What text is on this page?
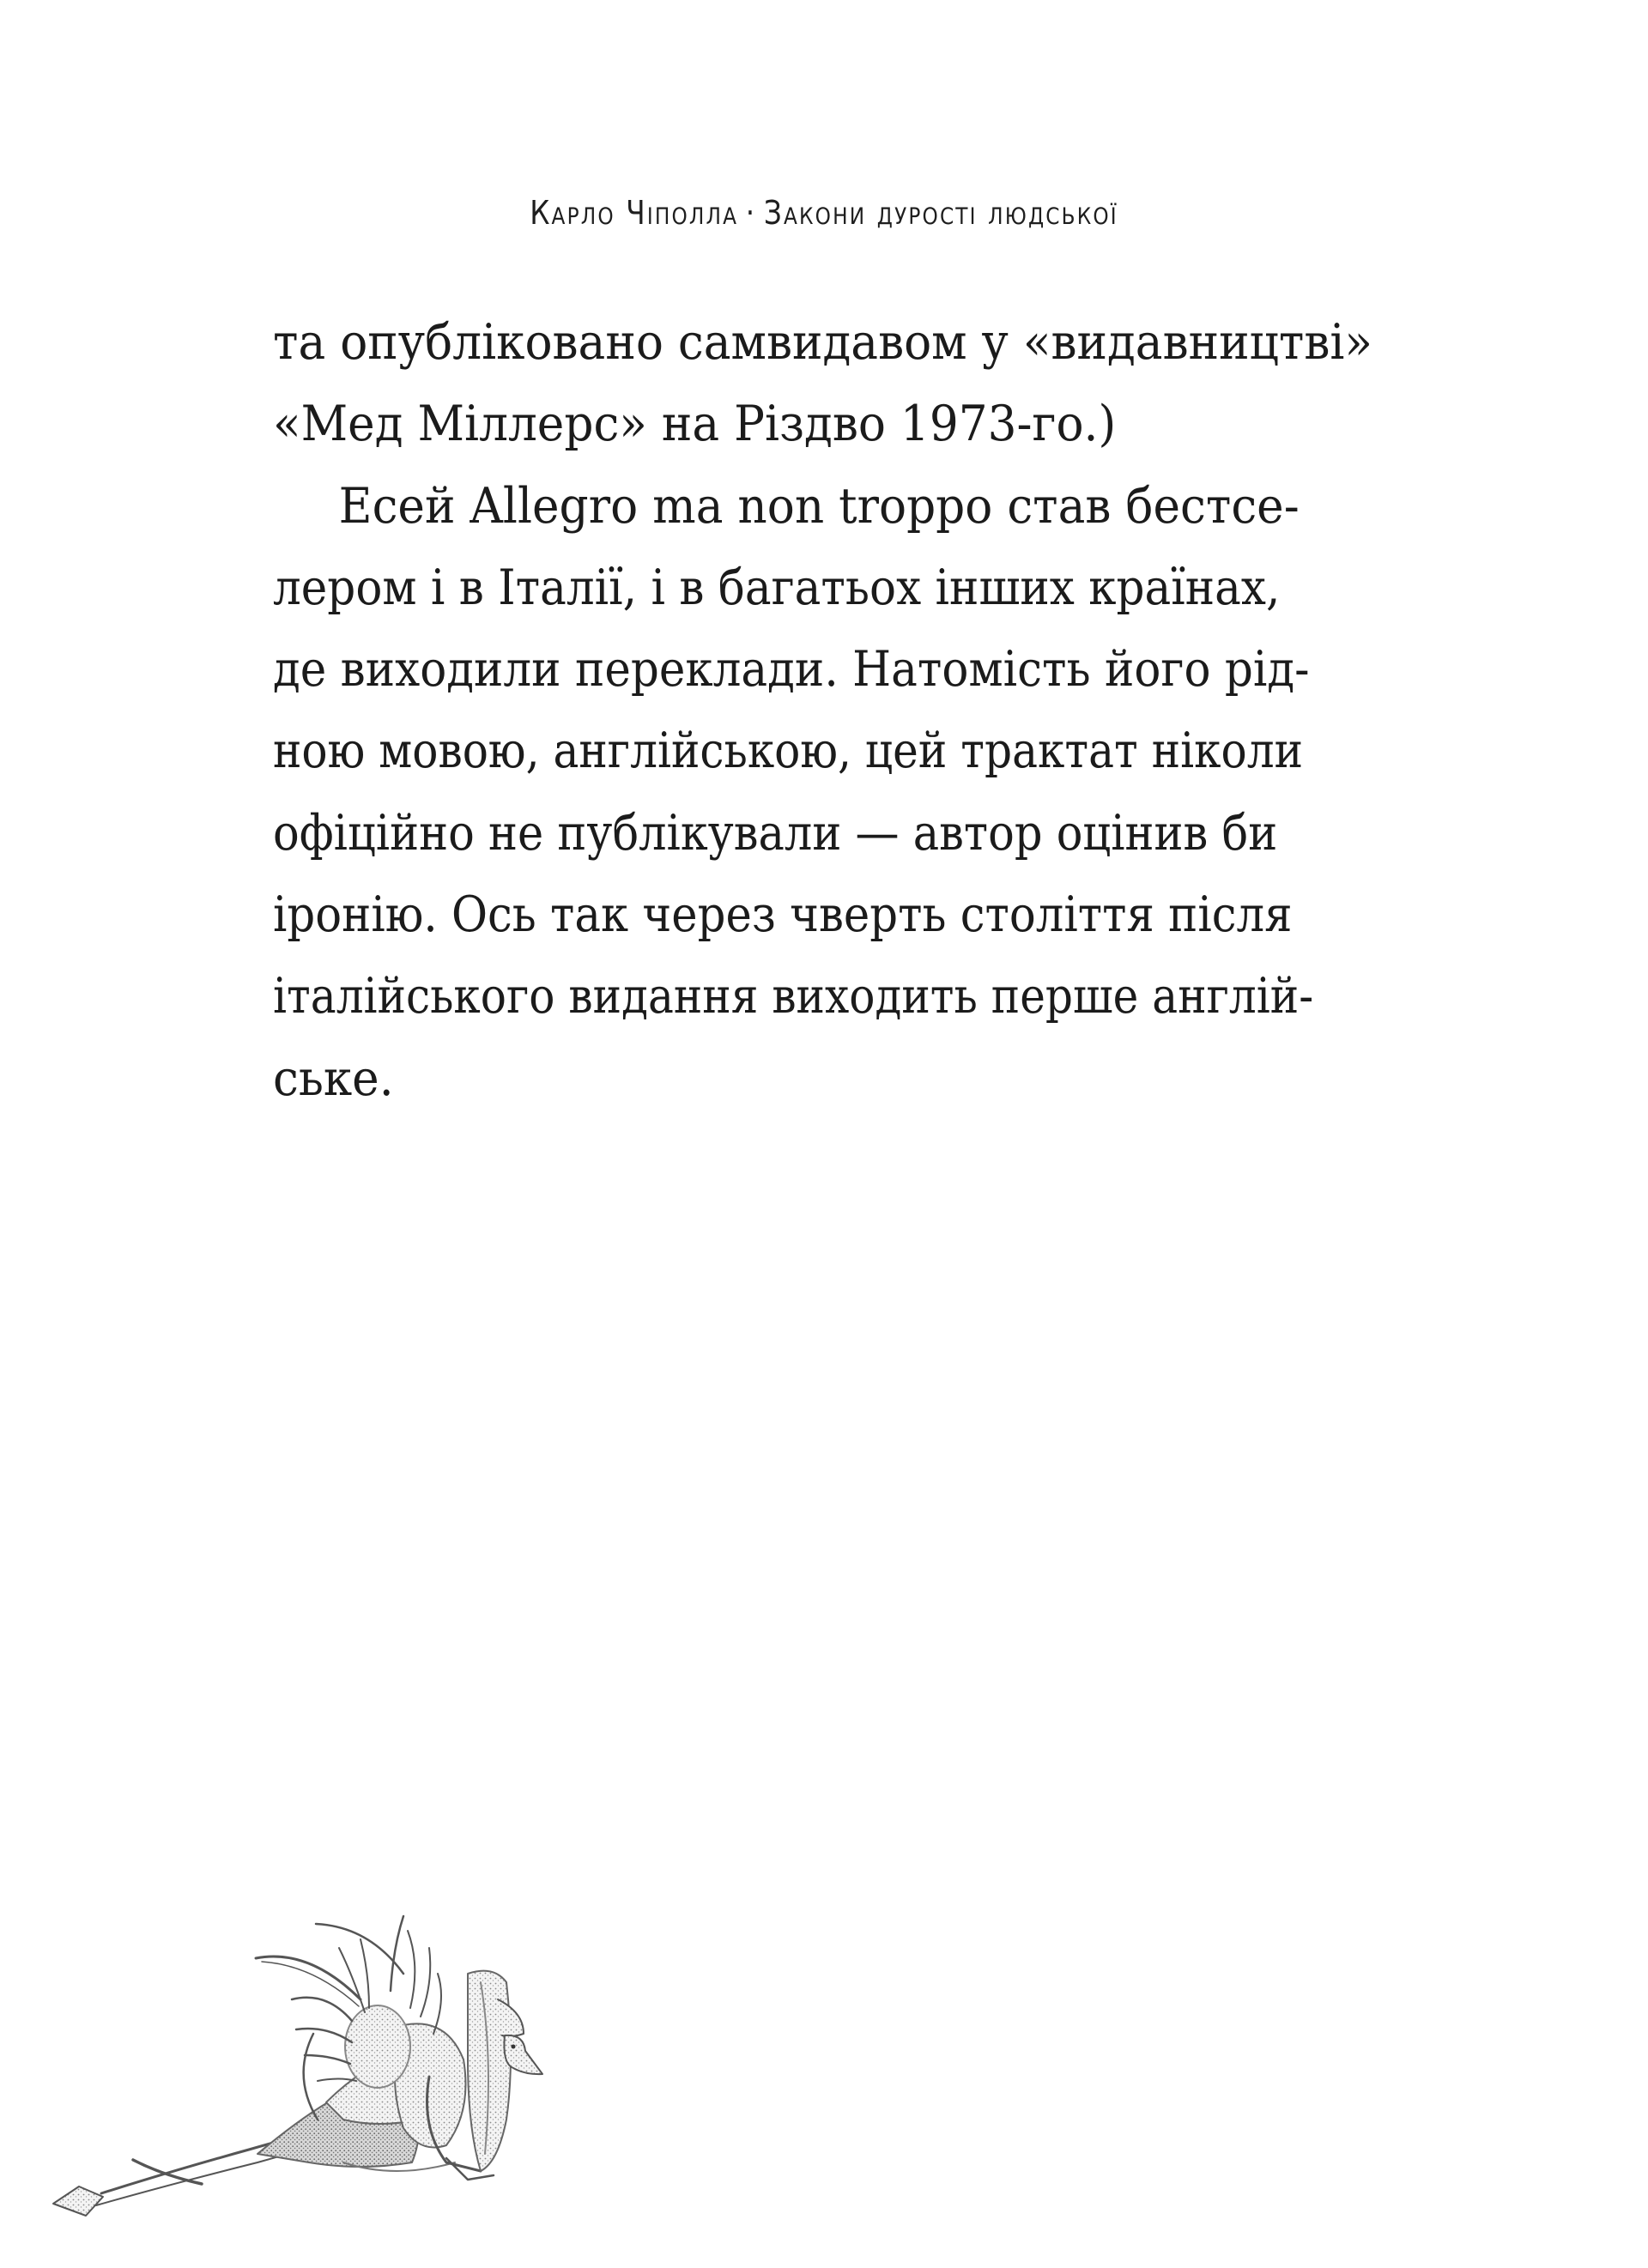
Карло Чіполла · Закони дурості людської
та опубліковано самвидавом у «видавництві»
«Мед Міллерс» на Різдво 1973-го.)
Есей Allegro ma non troppo став бестсе-
лером і в Італії, і в багатьох інших країнах,
де виходили переклади. Натомість його рід-
ною мовою, англійською, цей трактат ніколи
офіційно не публікували — автор оцінив би
іронію. Ось так через чверть століття після
італійського видання виходить перше англій-
ське.
